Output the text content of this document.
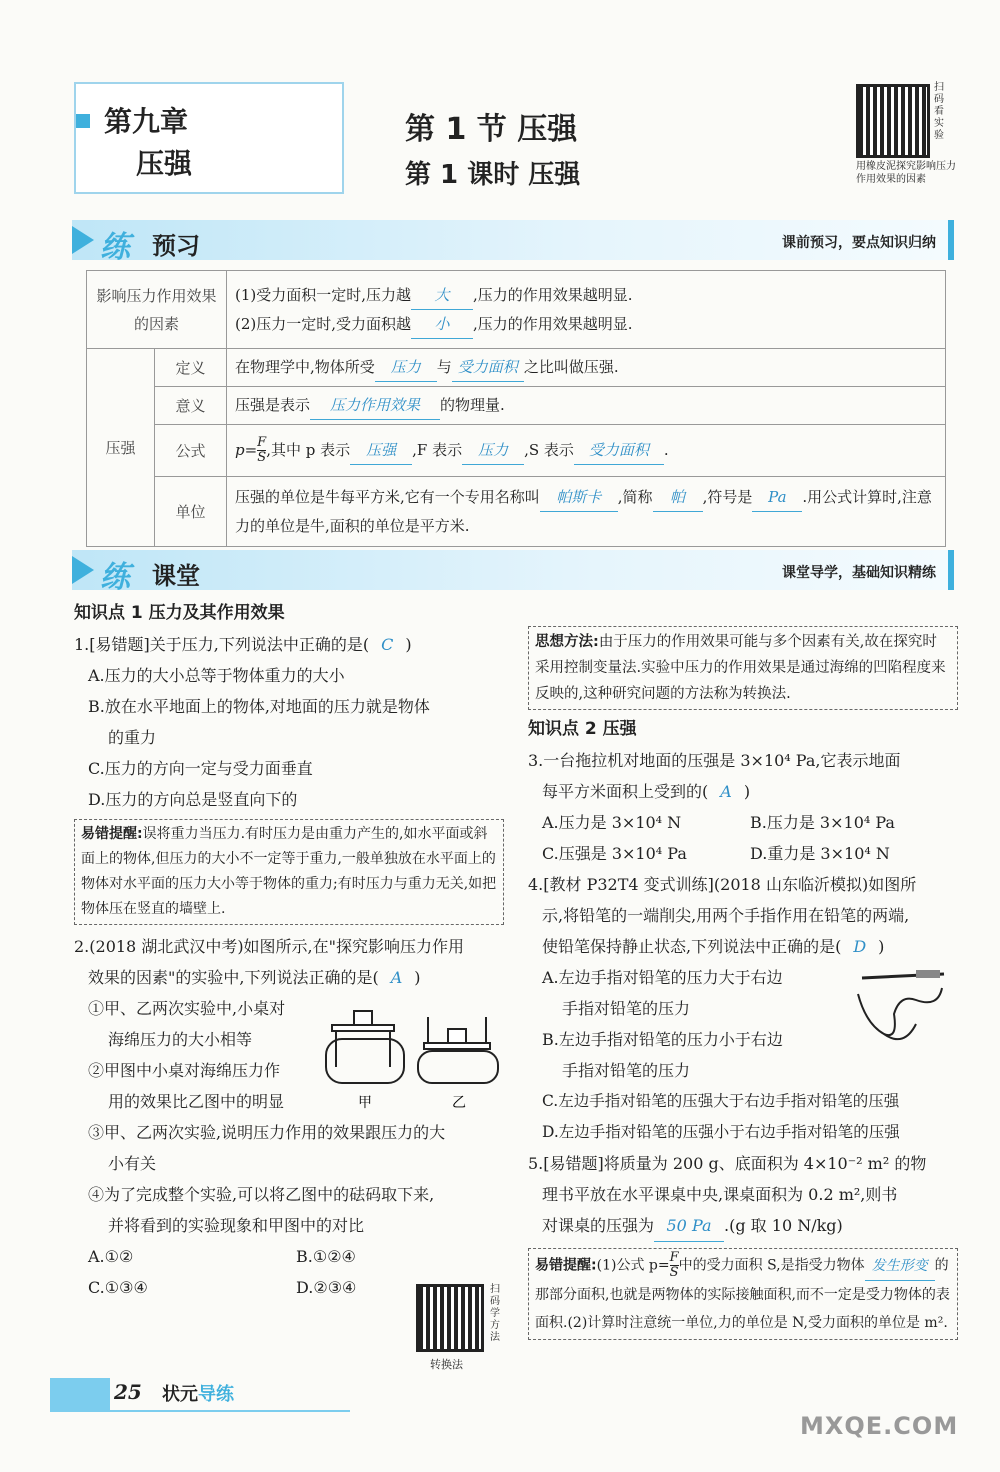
第九章
压强
第 1 节 压强
第 1 课时 压强
扫码看实验
用橡皮泥探究影响压力作用效果的因素
练 预习	课前预习，要点知识归纳
影响压力作用效果的因素		(1)受力面积一定时,压力越 大 ,压力的作用效果越明显.
(2)压力一定时,受力面积越 小 ,压力的作用效果越明显.

压强	定义	在物理学中,物体所受 压力 与 受力面积 之比叫做压强.
	意义	压强是表示 压力作用效果 的物理量.
	公式	$p= \frac{F}{S}$ ,其中 p 表示 压强 ,F 表示 压力 ,S 表示 受力面积 .
	单位	压强的单位是牛每平方米,它有一个专用名称叫 帕斯卡 ,简称 帕 ,符号是 Pa .用公式计算时,注意力的单位是牛,面积的单位是平方米.
练 课堂	课堂导学，基础知识精练
知识点 1 压力及其作用效果
1.[易错题]关于压力,下列说法中正确的是( C )
A.压力的大小总等于物体重力的大小
B.放在水平地面上的物体,对地面的压力就是物体
的重力
C.压力的方向一定与受力面垂直
D.压力的方向总是竖直向下的
易错提醒:误将重力当压力.有时压力是由重力产生的,如水平面或斜面上的物体,但压力的大小不一定等于重力,一般单独放在水平面上的物体对水平面的压力大小等于物体的重力;有时压力与重力无关,如把物体压在竖直的墙壁上.
2.(2018 湖北武汉中考)如图所示,在"探究影响压力作用
效果的因素"的实验中,下列说法正确的是( A )
①甲、乙两次实验中,小桌对
海绵压力的大小相等
②甲图中小桌对海绵压力作
用的效果比乙图中的明显	甲	乙
③甲、乙两次实验,说明压力作用的效果跟压力的大
小有关
④为了完成整个实验,可以将乙图中的砝码取下来,
并将看到的实验现象和甲图中的对比
A.①②	B.①②④
C.①③④	D.②③④	扫码学方法
转换法
思想方法:由于压力的作用效果可能与多个因素有关,故在探究时采用控制变量法.实验中压力的作用效果是通过海绵的凹陷程度来反映的,这种研究问题的方法称为转换法.
知识点 2 压强
3.一台拖拉机对地面的压强是 3×10⁴ Pa,它表示地面
每平方米面积上受到的( A )
A.压力是 3×10⁴ N	B.压力是 3×10⁴ Pa
C.压强是 3×10⁴ Pa	D.重力是 3×10⁴ N
4.[教材 P32T4 变式训练](2018 山东临沂模拟)如图所
示,将铅笔的一端削尖,用两个手指作用在铅笔的两端,
使铅笔保持静止状态,下列说法中正确的是( D )
A.左边手指对铅笔的压力大于右边
手指对铅笔的压力
B.左边手指对铅笔的压力小于右边
手指对铅笔的压力
C.左边手指对铅笔的压强大于右边手指对铅笔的压强
D.左边手指对铅笔的压强小于右边手指对铅笔的压强
5.[易错题]将质量为 200 g、底面积为 4×10⁻² m² 的物
理书平放在水平课桌中央,课桌面积为 0.2 m²,则书
对课桌的压强为 50 Pa .(g 取 10 N/kg)
易错提醒:(1)公式 $p= \frac{F}{S}$ 中的受力面积 S,是指受力物体 发生形变 的那部分面积,也就是两物体的实际接触面积,而不一定是受力物体的表面积.(2)计算时注意统一单位,力的单位是 N,受力面积的单位是 m².
25 状元导练
MXQE.COM
